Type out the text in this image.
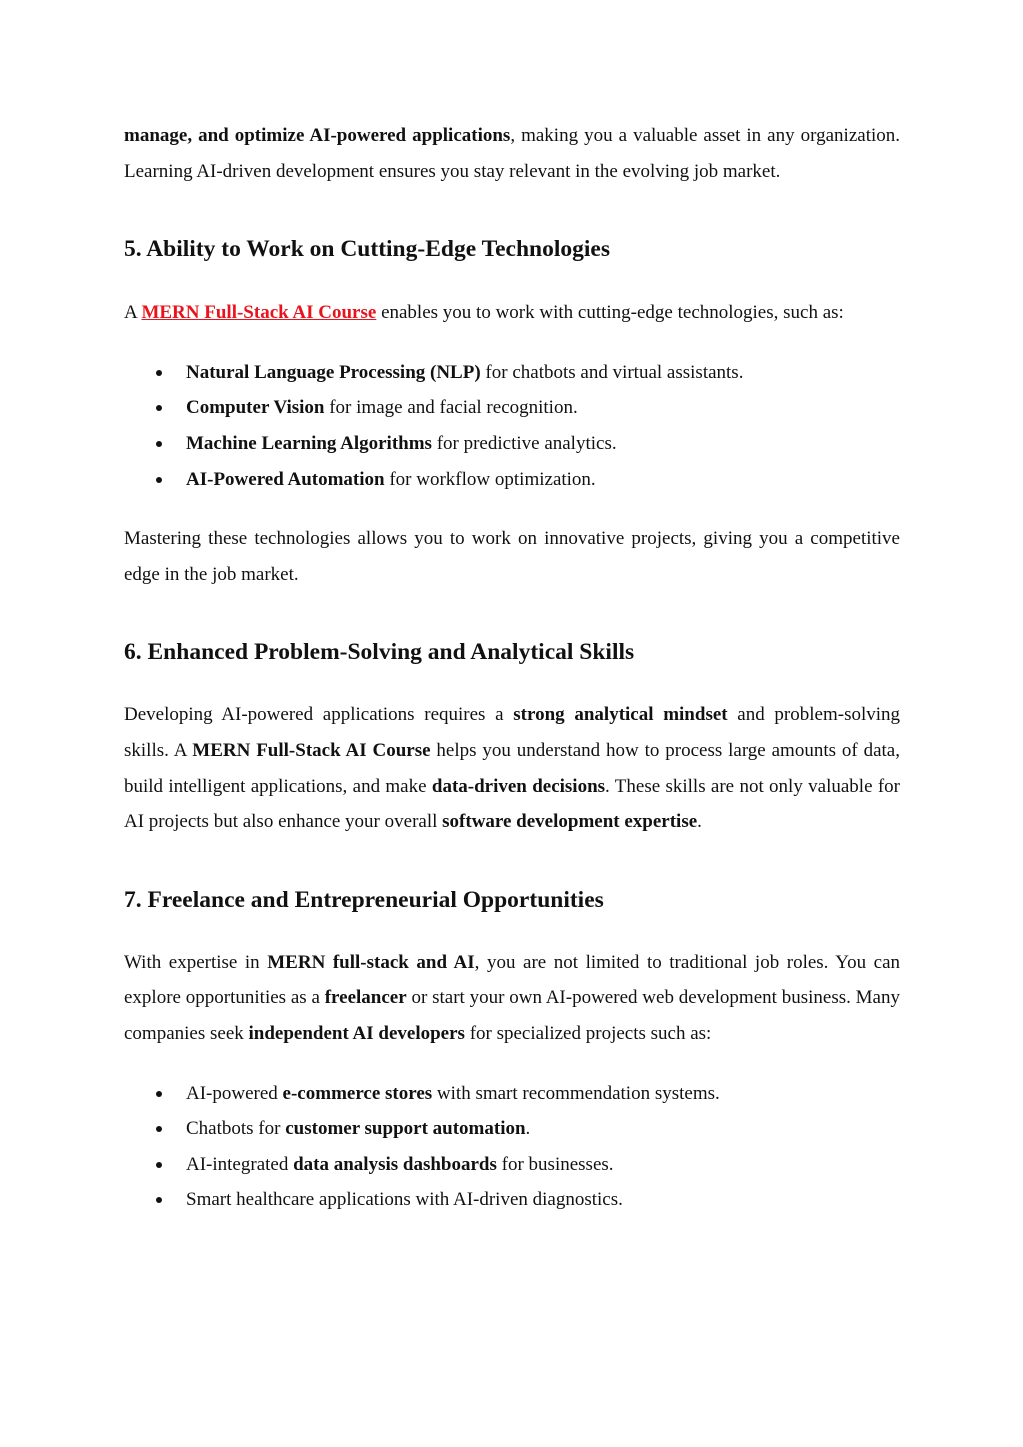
manage, and optimize AI-powered applications, making you a valuable asset in any organization. Learning AI-driven development ensures you stay relevant in the evolving job market.

5. Ability to Work on Cutting-Edge Technologies

A MERN Full-Stack AI Course enables you to work with cutting-edge technologies, such as:

Natural Language Processing (NLP) for chatbots and virtual assistants.
Computer Vision for image and facial recognition.
Machine Learning Algorithms for predictive analytics.
AI-Powered Automation for workflow optimization.

Mastering these technologies allows you to work on innovative projects, giving you a competitive edge in the job market.

6. Enhanced Problem-Solving and Analytical Skills

Developing AI-powered applications requires a strong analytical mindset and problem-solving skills. A MERN Full-Stack AI Course helps you understand how to process large amounts of data, build intelligent applications, and make data-driven decisions. These skills are not only valuable for AI projects but also enhance your overall software development expertise.

7. Freelance and Entrepreneurial Opportunities

With expertise in MERN full-stack and AI, you are not limited to traditional job roles. You can explore opportunities as a freelancer or start your own AI-powered web development business. Many companies seek independent AI developers for specialized projects such as:

AI-powered e-commerce stores with smart recommendation systems.
Chatbots for customer support automation.
AI-integrated data analysis dashboards for businesses.
Smart healthcare applications with AI-driven diagnostics.
